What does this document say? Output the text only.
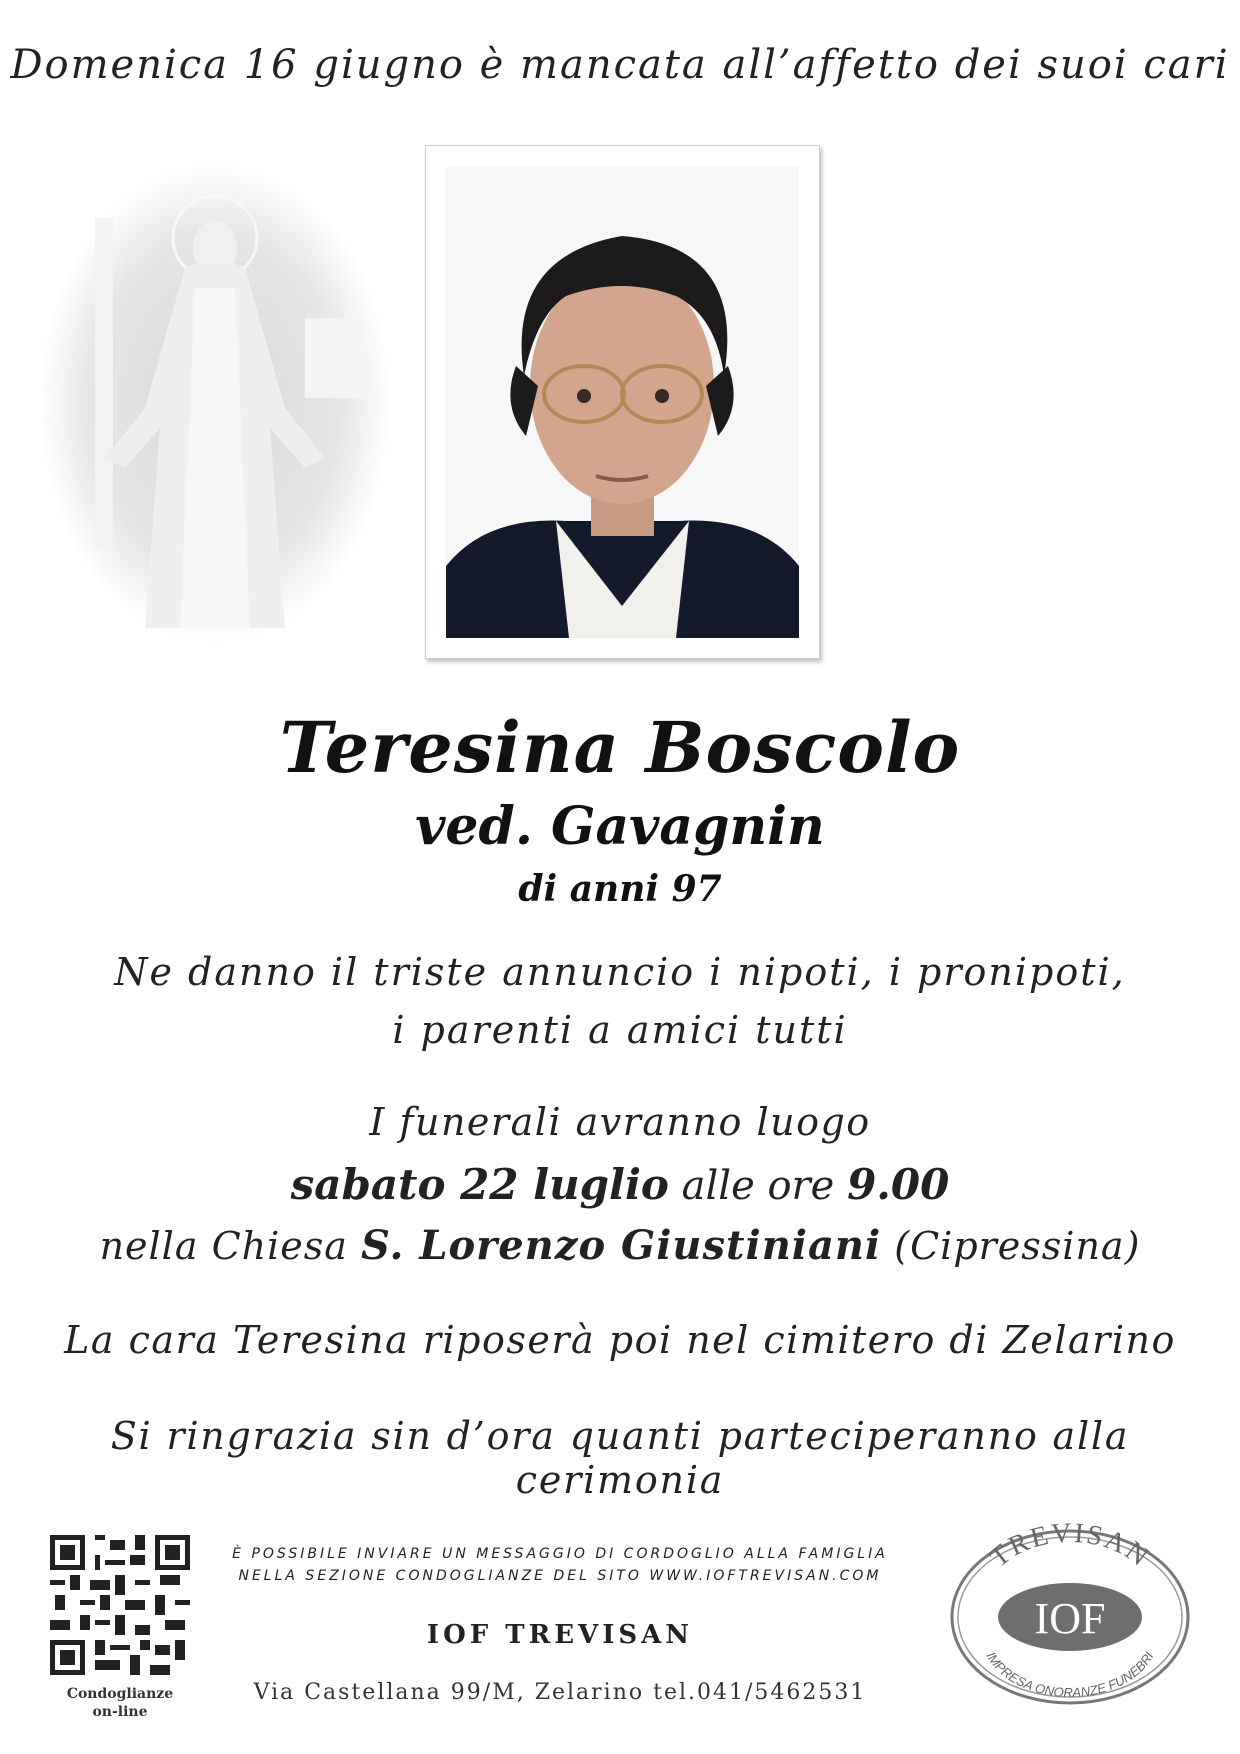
Domenica 16 giugno è mancata all’affetto dei suoi cari
Teresina Boscolo
ved. Gavagnin
di anni 97
Ne danno il triste annuncio i nipoti, i pronipoti,
i parenti a amici tutti
I funerali avranno luogo
sabato 22 luglio alle ore 9.00
nella Chiesa S. Lorenzo Giustiniani (Cipressina)
La cara Teresina riposerà poi nel cimitero di Zelarino
Si ringrazia sin d’ora quanti parteciperanno alla cerimonia
Condoglianze
on-line
È POSSIBILE INVIARE UN MESSAGGIO DI CORDOGLIO ALLA FAMIGLIA
NELLA SEZIONE CONDOGLIANZE DEL SITO WWW.IOFTREVISAN.COM
IOF TREVISAN
Via Castellana 99/M, Zelarino tel.041/5462531
TREVISAN
IOF
IMPRESA ONORANZE FUNEBRI
